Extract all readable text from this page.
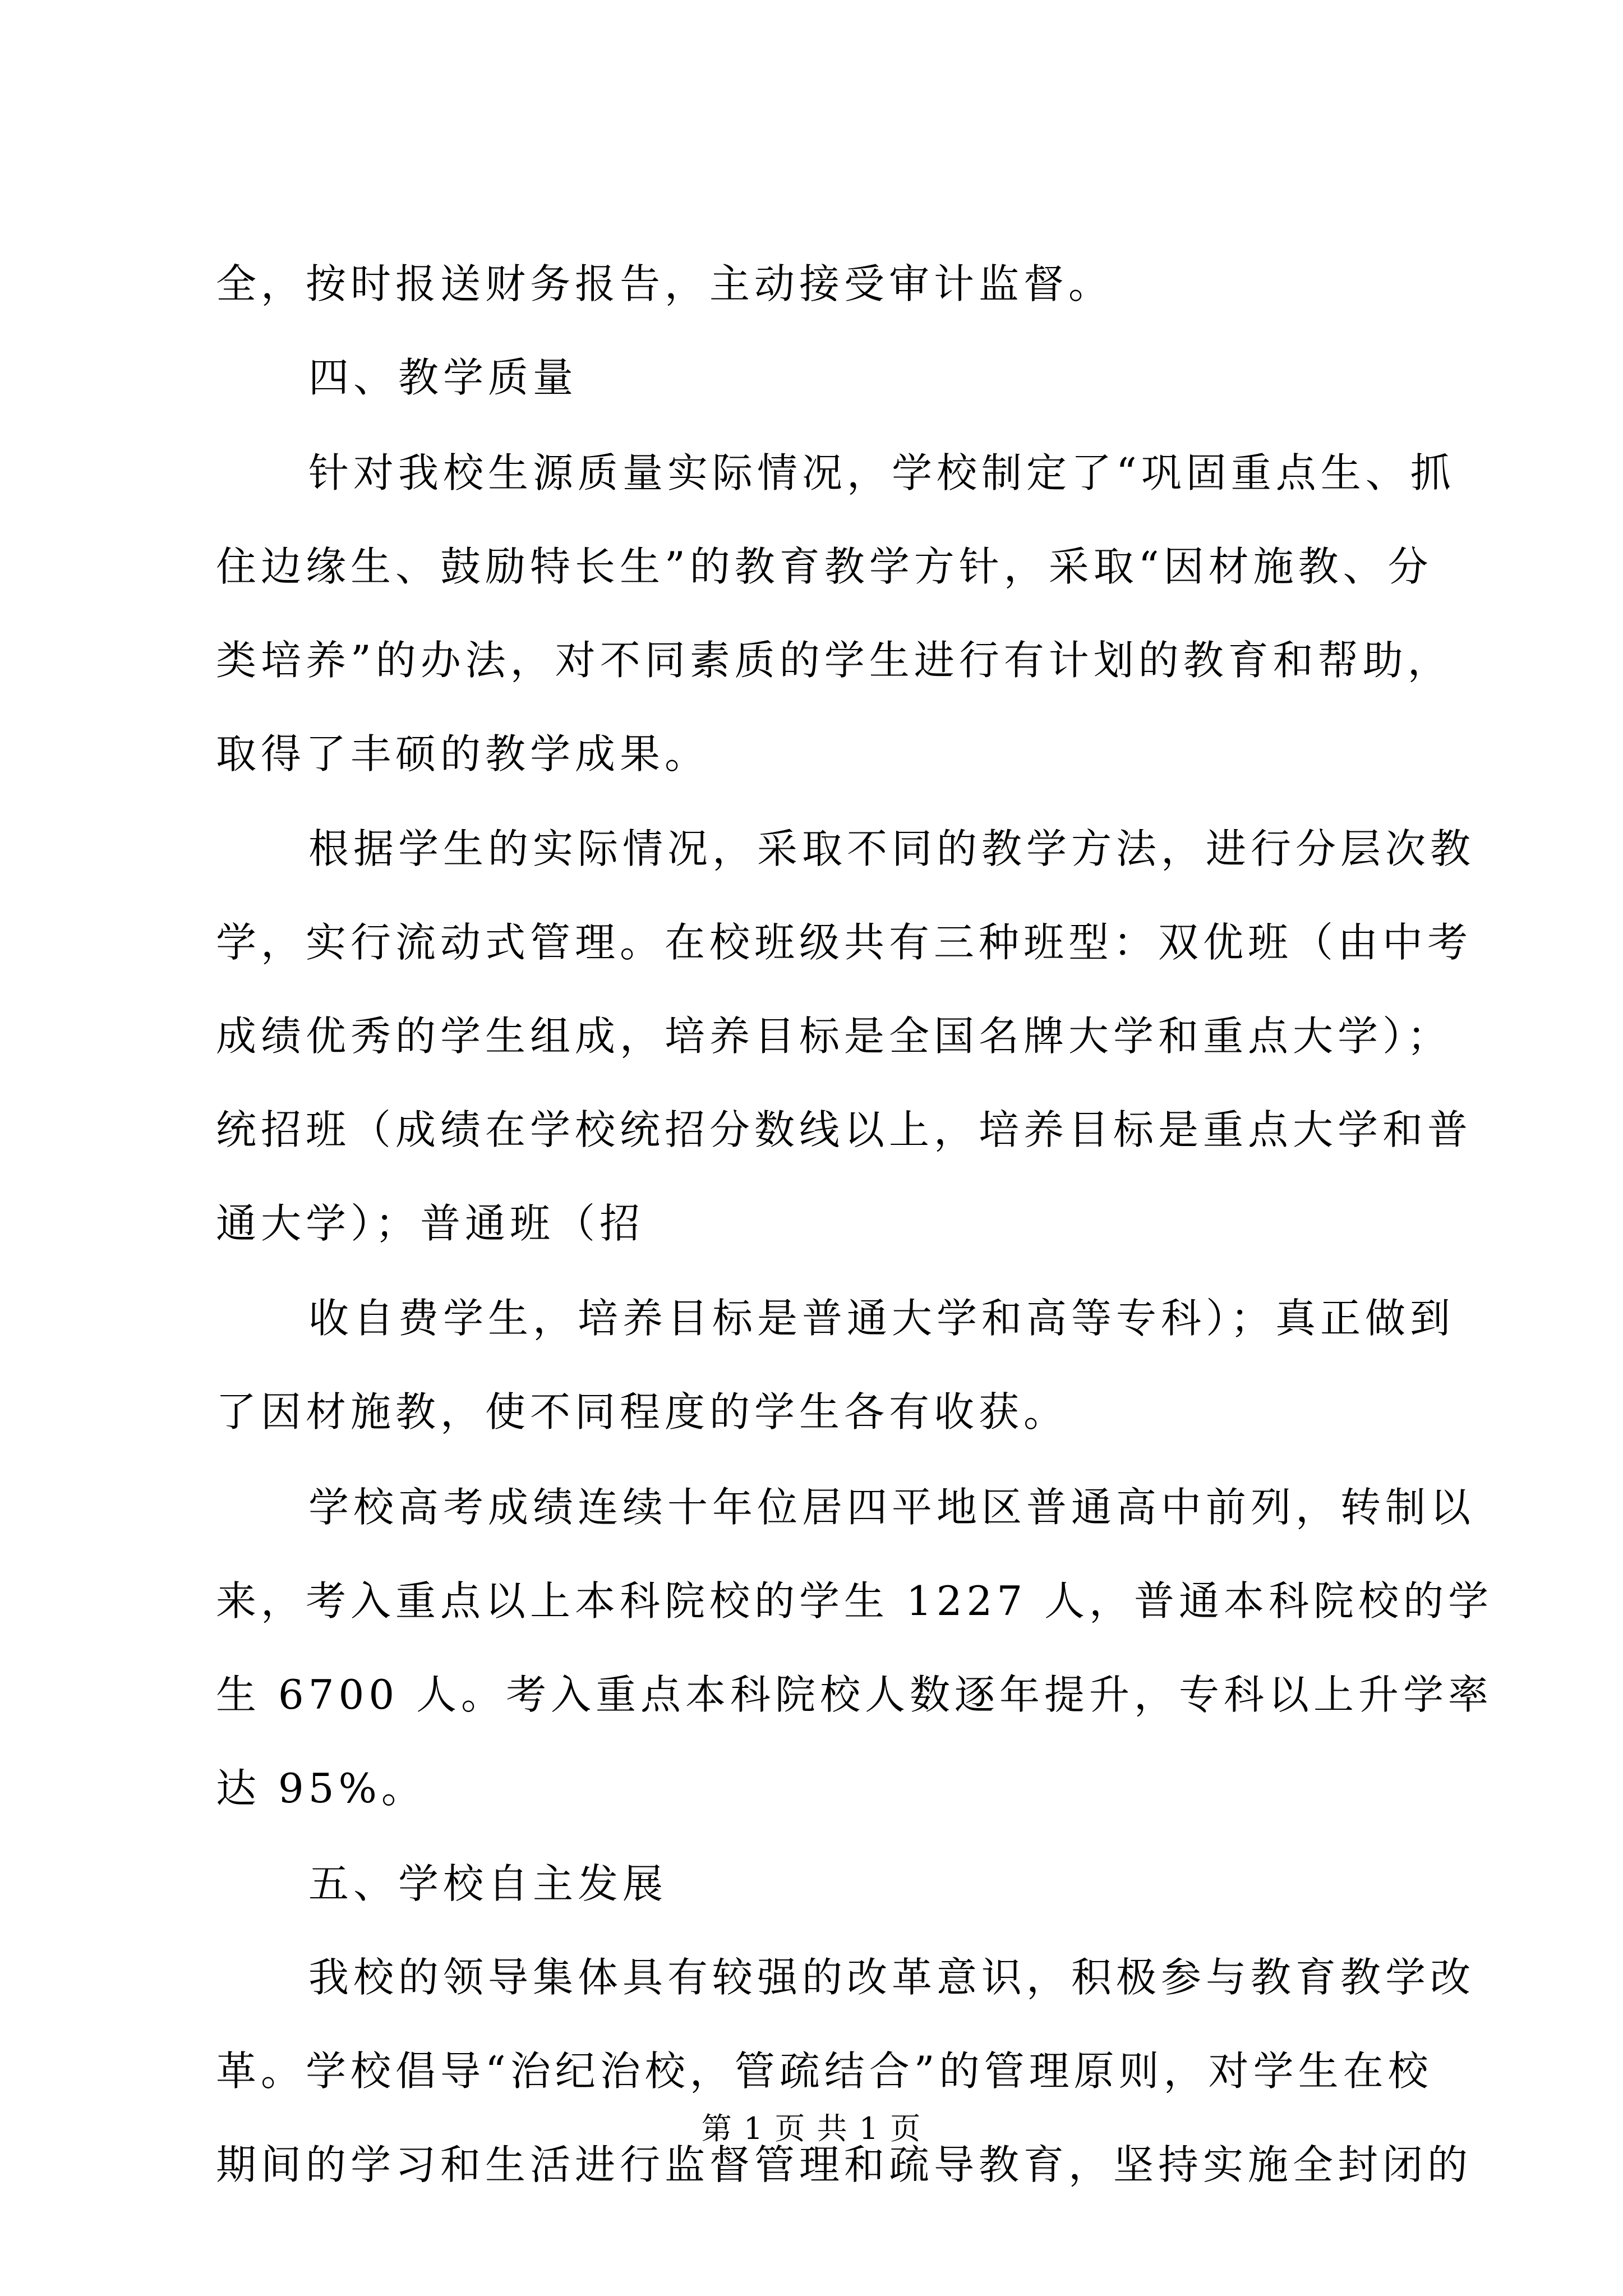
全，按时报送财务报告，主动接受审计监督。
四、教学质量
针对我校生源质量实际情况，学校制定了“巩固重点生、抓
住边缘生、鼓励特长生”的教育教学方针，采取“因材施教、分
类培养”的办法，对不同素质的学生进行有计划的教育和帮助，
取得了丰硕的教学成果。
根据学生的实际情况，采取不同的教学方法，进行分层次教
学，实行流动式管理。在校班级共有三种班型：双优班（由中考
成绩优秀的学生组成，培养目标是全国名牌大学和重点大学）；
统招班（成绩在学校统招分数线以上，培养目标是重点大学和普
通大学）；普通班（招
收自费学生，培养目标是普通大学和高等专科）；真正做到
了因材施教，使不同程度的学生各有收获。
学校高考成绩连续十年位居四平地区普通高中前列，转制以
来，考入重点以上本科院校的学生 1227 人，普通本科院校的学
生 6700 人。考入重点本科院校人数逐年提升，专科以上升学率
达 95%。
五、学校自主发展
我校的领导集体具有较强的改革意识，积极参与教育教学改
革。学校倡导“治纪治校，管疏结合”的管理原则，对学生在校
期间的学习和生活进行监督管理和疏导教育，坚持实施全封闭的
第 1 页 共 1 页
